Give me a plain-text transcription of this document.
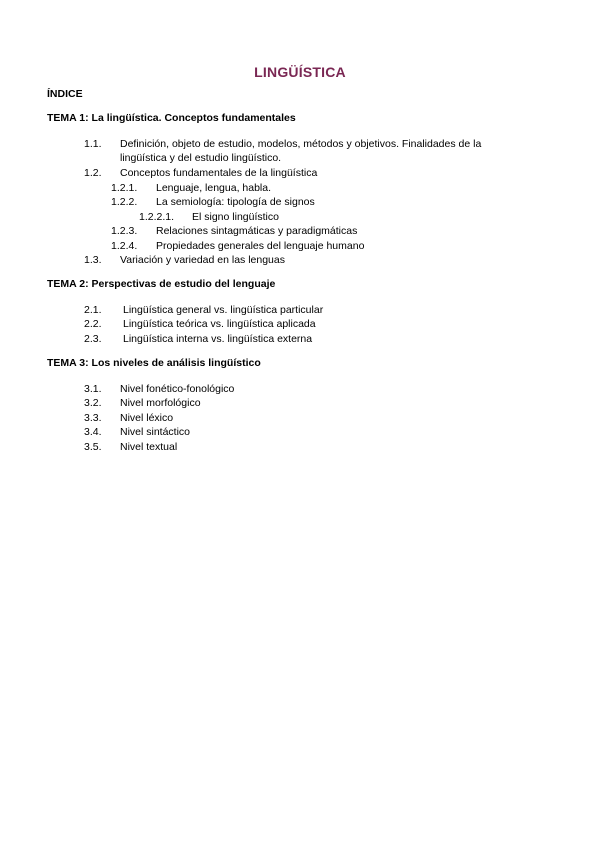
LINGÜÍSTICA
ÍNDICE
TEMA 1: La lingüística. Conceptos fundamentales
1.1. Definición, objeto de estudio, modelos, métodos y objetivos. Finalidades de la lingüística y del estudio lingüístico.
1.2. Conceptos fundamentales de la lingüística
1.2.1. Lenguaje, lengua, habla.
1.2.2. La semiología: tipología de signos
1.2.2.1. El signo lingüístico
1.2.3. Relaciones sintagmáticas y paradigmáticas
1.2.4. Propiedades generales del lenguaje humano
1.3. Variación y variedad en las lenguas
TEMA 2: Perspectivas de estudio del lenguaje
2.1. Lingüística general vs. lingüística particular
2.2. Lingüística teórica vs. lingüística aplicada
2.3. Lingüística interna vs. lingüística externa
TEMA 3: Los niveles de análisis lingüístico
3.1. Nivel fonético-fonológico
3.2. Nivel morfológico
3.3. Nivel léxico
3.4. Nivel sintáctico
3.5. Nivel textual
